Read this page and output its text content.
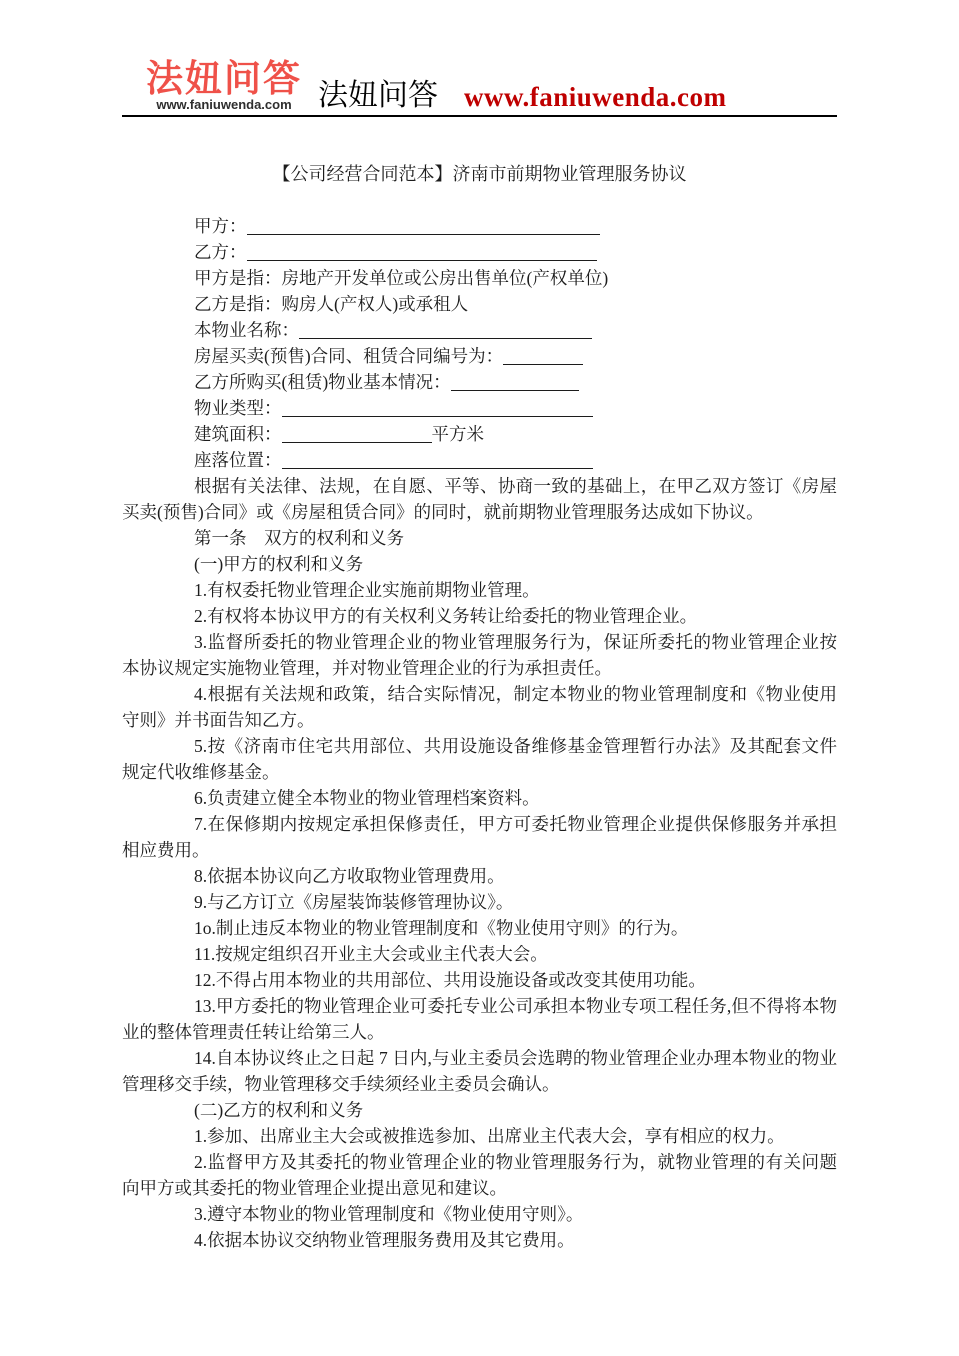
法妞问答
www.faniuwenda.com 法妞问答 www.faniuwenda.com
【公司经营合同范本】济南市前期物业管理服务协议

甲方：

乙方：

甲方是指：房地产开发单位或公房出售单位(产权单位)

乙方是指：购房人(产权人)或承租人

本物业名称：

房屋买卖(预售)合同、租赁合同编号为：

乙方所购买(租赁)物业基本情况：

物业类型：

建筑面积：	平方米

座落位置：

根据有关法律、法规，在自愿、平等、协商一致的基础上，在甲乙双方签订《房屋买卖(预售)合同》或《房屋租赁合同》的同时，就前期物业管理服务达成如下协议。

第一条　双方的权利和义务

(一)甲方的权利和义务

1.有权委托物业管理企业实施前期物业管理。

2.有权将本协议甲方的有关权利义务转让给委托的物业管理企业。

3.监督所委托的物业管理企业的物业管理服务行为，保证所委托的物业管理企业按本协议规定实施物业管理，并对物业管理企业的行为承担责任。

4.根据有关法规和政策，结合实际情况，制定本物业的物业管理制度和《物业使用守则》并书面告知乙方。

5.按《济南市住宅共用部位、共用设施设备维修基金管理暂行办法》及其配套文件规定代收维修基金。

6.负责建立健全本物业的物业管理档案资料。

7.在保修期内按规定承担保修责任，甲方可委托物业管理企业提供保修服务并承担相应费用。

8.依据本协议向乙方收取物业管理费用。

9.与乙方订立《房屋装饰装修管理协议》。

1o.制止违反本物业的物业管理制度和《物业使用守则》的行为。

11.按规定组织召开业主大会或业主代表大会。

12.不得占用本物业的共用部位、共用设施设备或改变其使用功能。

13.甲方委托的物业管理企业可委托专业公司承担本物业专项工程任务,但不得将本物业的整体管理责任转让给第三人。

14.自本协议终止之日起 7 日内,与业主委员会选聘的物业管理企业办理本物业的物业管理移交手续，物业管理移交手续须经业主委员会确认。

(二)乙方的权利和义务

1.参加、出席业主大会或被推选参加、出席业主代表大会，享有相应的权力。

2.监督甲方及其委托的物业管理企业的物业管理服务行为，就物业管理的有关问题向甲方或其委托的物业管理企业提出意见和建议。

3.遵守本物业的物业管理制度和《物业使用守则》。

4.依据本协议交纳物业管理服务费用及其它费用。
